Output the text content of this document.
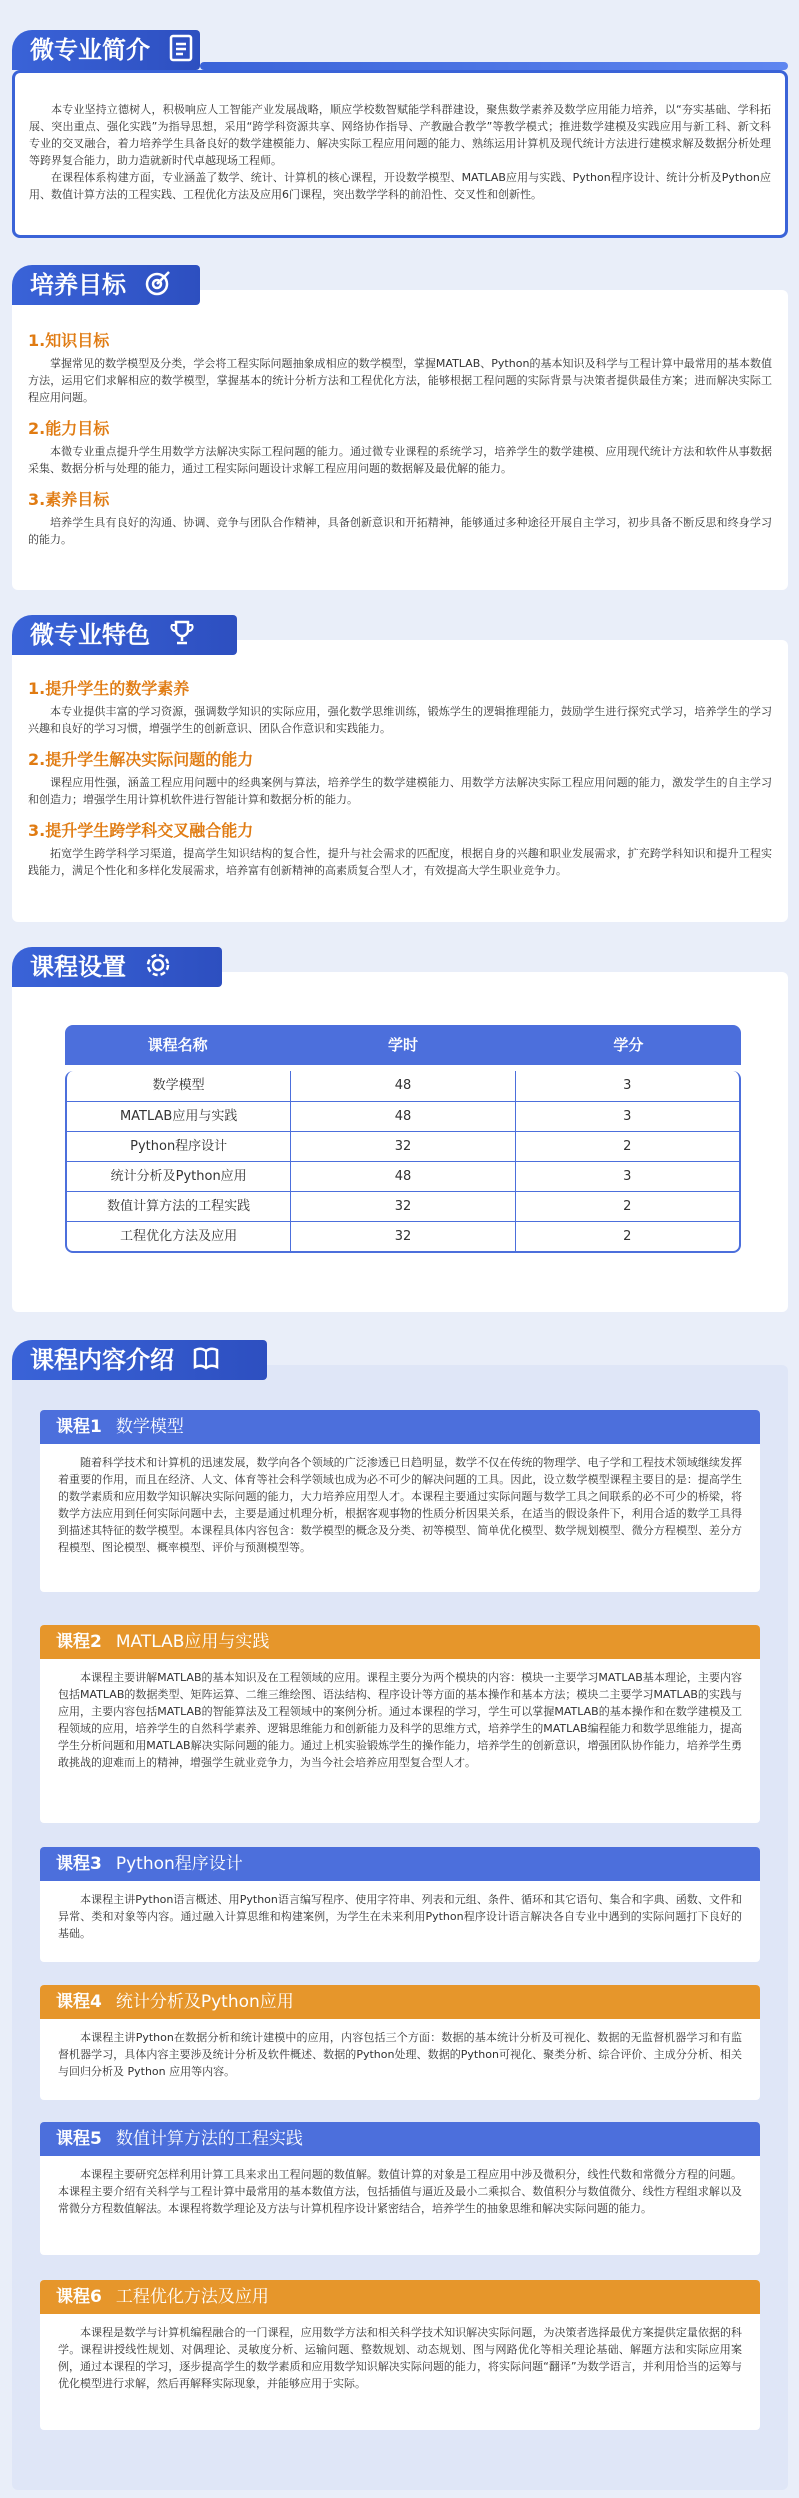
微专业简介

本专业坚持立德树人，积极响应人工智能产业发展战略，顺应学校数智赋能学科群建设，聚焦数学素养及数学应用能力培养，以“夯实基础、学科拓展、突出重点、强化实践”为指导思想，采用“跨学科资源共享、网络协作指导、产教融合教学”等教学模式；推进数学建模及实践应用与新工科、新文科专业的交叉融合，着力培养学生具备良好的数学建模能力、解决实际工程应用问题的能力、熟练运用计算机及现代统计方法进行建模求解及数据分析处理等跨界复合能力，助力造就新时代卓越现场工程师。

在课程体系构建方面，专业涵盖了数学、统计、计算机的核心课程，开设数学模型、MATLAB应用与实践、Python程序设计、统计分析及Python应用、数值计算方法的工程实践、工程优化方法及应用6门课程，突出数学学科的前沿性、交叉性和创新性。

1.知识目标

掌握常见的数学模型及分类，学会将工程实际问题抽象成相应的数学模型，掌握MATLAB、Python的基本知识及科学与工程计算中最常用的基本数值方法，运用它们求解相应的数学模型，掌握基本的统计分析方法和工程优化方法，能够根据工程问题的实际背景与决策者提供最佳方案；进而解决实际工程应用问题。

2.能力目标

本微专业重点提升学生用数学方法解决实际工程问题的能力。通过微专业课程的系统学习，培养学生的数学建模、应用现代统计方法和软件从事数据采集、数据分析与处理的能力，通过工程实际问题设计求解工程应用问题的数据解及最优解的能力。

3.素养目标

培养学生具有良好的沟通、协调、竞争与团队合作精神，具备创新意识和开拓精神，能够通过多种途径开展自主学习，初步具备不断反思和终身学习的能力。

培养目标
1.提升学生的数学素养

本专业提供丰富的学习资源，强调数学知识的实际应用，强化数学思维训练，锻炼学生的逻辑推理能力，鼓励学生进行探究式学习，培养学生的学习兴趣和良好的学习习惯，增强学生的创新意识、团队合作意识和实践能力。

2.提升学生解决实际问题的能力

课程应用性强，涵盖工程应用问题中的经典案例与算法，培养学生的数学建模能力、用数学方法解决实际工程应用问题的能力，激发学生的自主学习和创造力；增强学生用计算机软件进行智能计算和数据分析的能力。

3.提升学生跨学科交叉融合能力

拓宽学生跨学科学习渠道，提高学生知识结构的复合性，提升与社会需求的匹配度，根据自身的兴趣和职业发展需求，扩充跨学科知识和提升工程实践能力，满足个性化和多样化发展需求，培养富有创新精神的高素质复合型人才，有效提高大学生职业竞争力。

微专业特色
课程设置
课程名称	学时	学分
数学模型	48	3
MATLAB应用与实践	48	3
Python程序设计	32	2
统计分析及Python应用	48	3
数值计算方法的工程实践	32	2
工程优化方法及应用	32	2
课程内容介绍
课程1 数学模型

随着科学技术和计算机的迅速发展，数学向各个领域的广泛渗透已日趋明显，数学不仅在传统的物理学、电子学和工程技术领域继续发挥着重要的作用，而且在经济、人文、体育等社会科学领域也成为必不可少的解决问题的工具。因此，设立数学模型课程主要目的是：提高学生的数学素质和应用数学知识解决实际问题的能力，大力培养应用型人才。本课程主要通过实际问题与数学工具之间联系的必不可少的桥梁，将数学方法应用到任何实际问题中去，主要是通过机理分析，根据客观事物的性质分析因果关系，在适当的假设条件下，利用合适的数学工具得到描述其特征的数学模型。本课程具体内容包含：数学模型的概念及分类、初等模型、简单优化模型、数学规划模型、微分方程模型、差分方程模型、图论模型、概率模型、评价与预测模型等。

课程2 MATLAB应用与实践

本课程主要讲解MATLAB的基本知识及在工程领域的应用。课程主要分为两个模块的内容：模块一主要学习MATLAB基本理论，主要内容包括MATLAB的数据类型、矩阵运算、二维三维绘图、语法结构、程序设计等方面的基本操作和基本方法；模块二主要学习MATLAB的实践与应用，主要内容包括MATLAB的智能算法及工程领域中的案例分析。通过本课程的学习，学生可以掌握MATLAB的基本操作和在数学建模及工程领域的应用，培养学生的自然科学素养、逻辑思维能力和创新能力及科学的思维方式，培养学生的MATLAB编程能力和数学思维能力，提高学生分析问题和用MATLAB解决实际问题的能力。通过上机实验锻炼学生的操作能力，培养学生的创新意识，增强团队协作能力，培养学生勇敢挑战的迎难而上的精神，增强学生就业竞争力，为当今社会培养应用型复合型人才。

课程3 Python程序设计

本课程主讲Python语言概述、用Python语言编写程序、使用字符串、列表和元组、条件、循环和其它语句、集合和字典、函数、文件和异常、类和对象等内容。通过融入计算思维和构建案例，为学生在未来利用Python程序设计语言解决各自专业中遇到的实际问题打下良好的基础。

课程4 统计分析及Python应用

本课程主讲Python在数据分析和统计建模中的应用，内容包括三个方面：数据的基本统计分析及可视化、数据的无监督机器学习和有监督机器学习，具体内容主要涉及统计分析及软件概述、数据的Python处理、数据的Python可视化、聚类分析、综合评价、主成分分析、相关与回归分析及 Python 应用等内容。

课程5 数值计算方法的工程实践

本课程主要研究怎样利用计算工具来求出工程问题的数值解。数值计算的对象是工程应用中涉及微积分，线性代数和常微分方程的问题。本课程主要介绍有关科学与工程计算中最常用的基本数值方法，包括插值与逼近及最小二乘拟合、数值积分与数值微分、线性方程组求解以及常微分方程数值解法。本课程将数学理论及方法与计算机程序设计紧密结合，培养学生的抽象思维和解决实际问题的能力。

课程6 工程优化方法及应用

本课程是数学与计算机编程融合的一门课程，应用数学方法和相关科学技术知识解决实际问题，为决策者选择最优方案提供定量依据的科学。课程讲授线性规划、对偶理论、灵敏度分析、运输问题、整数规划、动态规划、图与网路优化等相关理论基础、解题方法和实际应用案例，通过本课程的学习，逐步提高学生的数学素质和应用数学知识解决实际问题的能力，将实际问题“翻译”为数学语言，并利用恰当的运筹与优化模型进行求解，然后再解释实际现象，并能够应用于实际。
